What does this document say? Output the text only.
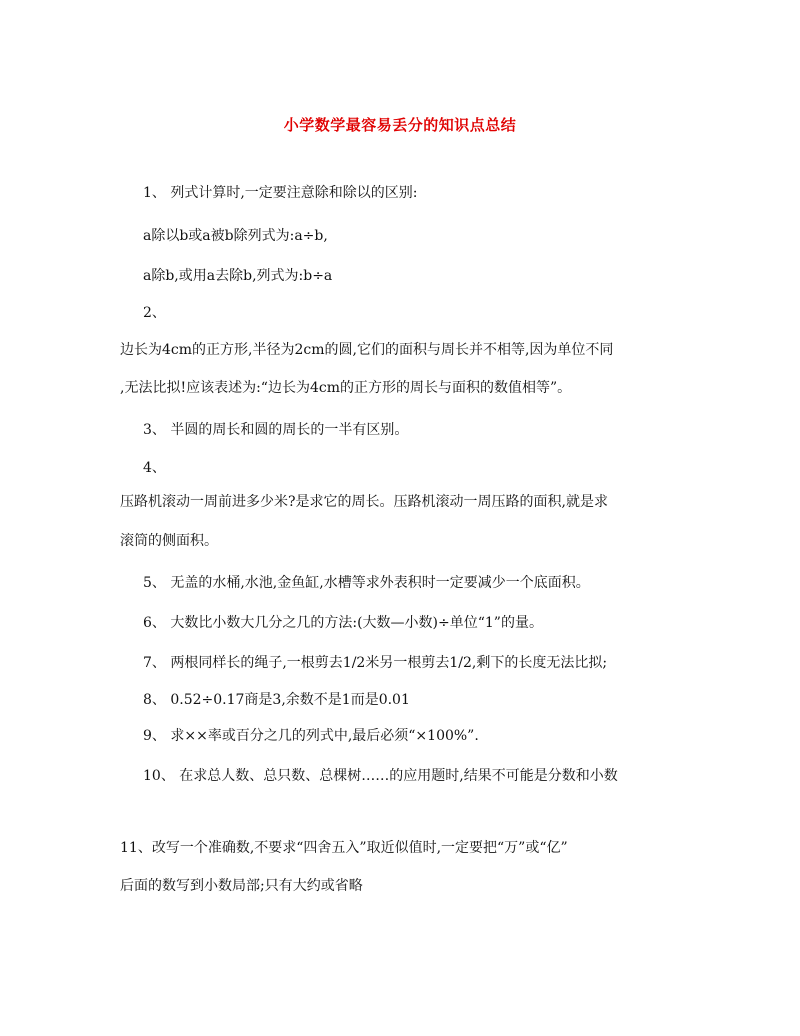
小学数学最容易丢分的知识点总结
1、 列式计算时,一定要注意除和除以的区别:
a除以b或a被b除列式为:a÷b,
a除b,或用a去除b,列式为:b÷a
2、
边长为4cm的正方形,半径为2cm的圆,它们的面积与周长并不相等,因为单位不同
,无法比拟!应该表述为:“边长为4cm的正方形的周长与面积的数值相等”。
3、 半圆的周长和圆的周长的一半有区别。
4、
压路机滚动一周前进多少米?是求它的周长。压路机滚动一周压路的面积,就是求
滚筒的侧面积。
5、 无盖的水桶,水池,金鱼缸,水槽等求外表积时一定要减少一个底面积。
6、 大数比小数大几分之几的方法:(大数—小数)÷单位“1”的量。
7、 两根同样长的绳子,一根剪去1/2米另一根剪去1/2,剩下的长度无法比拟;
8、 0.52÷0.17商是3,余数不是1而是0.01
9、 求××率或百分之几的列式中,最后必须“×100%”.
10、 在求总人数、总只数、总棵树……的应用题时,结果不可能是分数和小数
11、改写一个准确数,不要求“四舍五入”取近似值时,一定要把“万”或“亿”
后面的数写到小数局部;只有大约或省略
